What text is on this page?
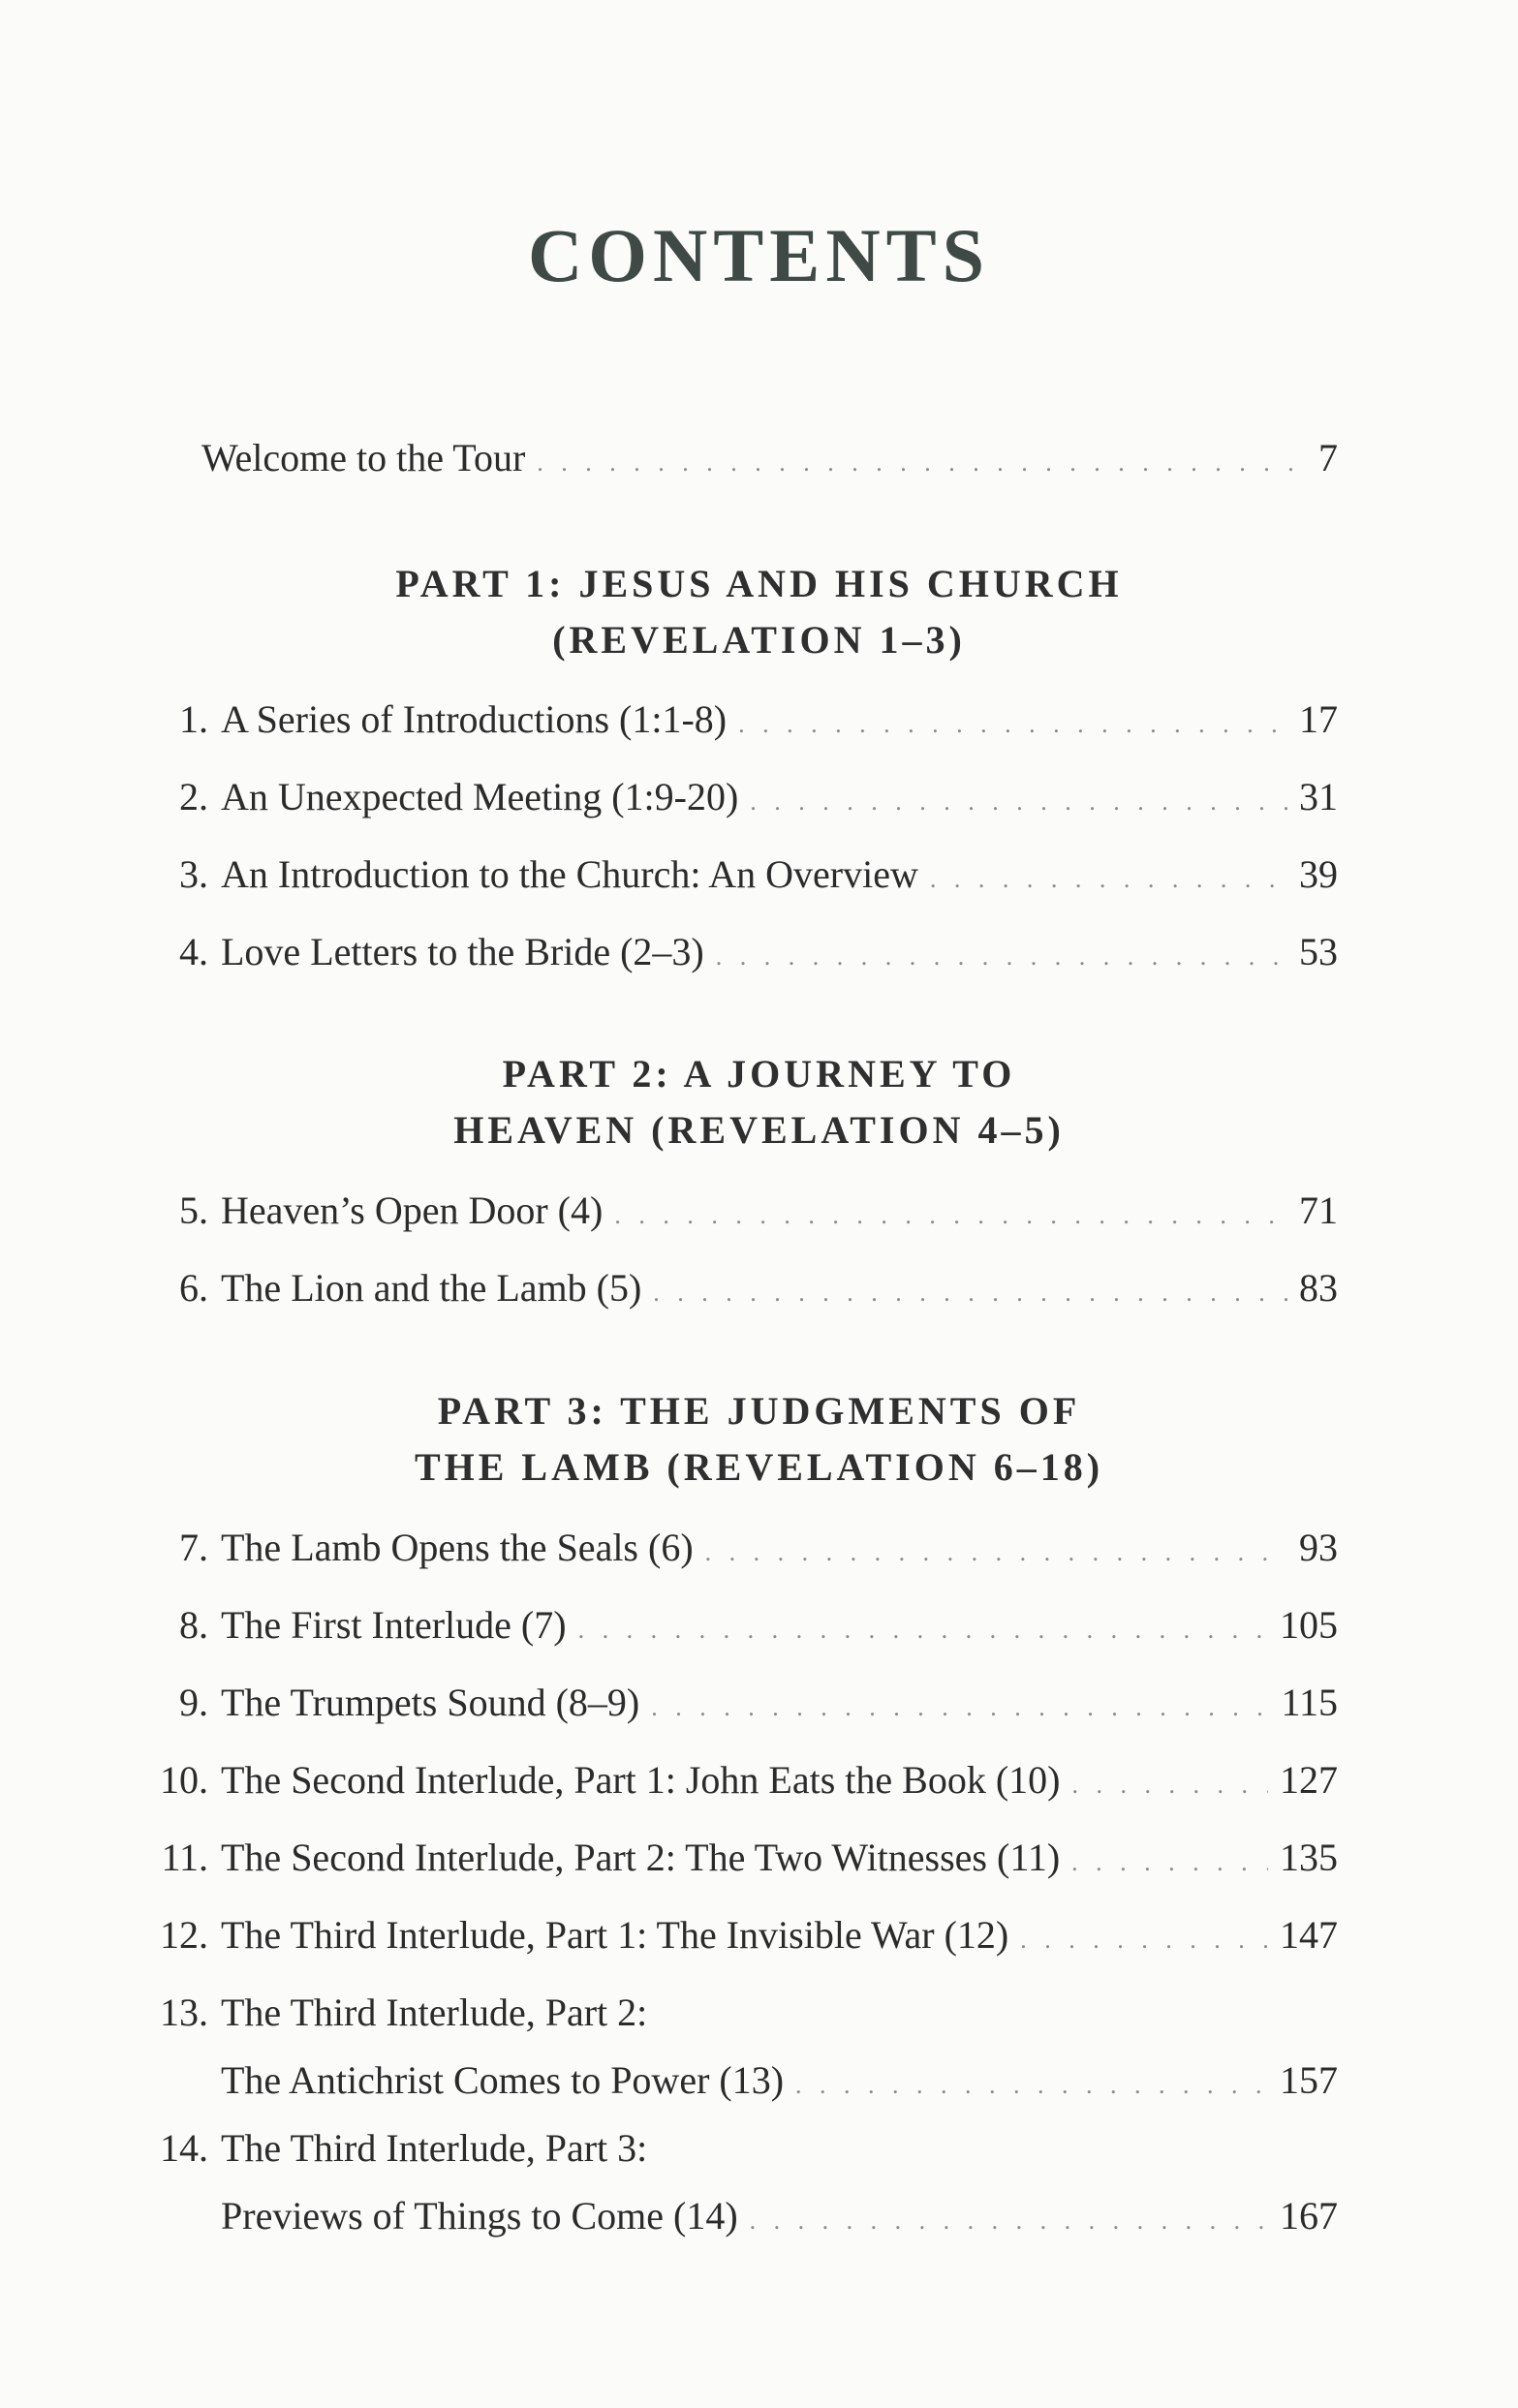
CONTENTS
Welcome to the Tour . . .	7
PART 1: JESUS AND HIS CHURCH
(REVELATION 1–3)
1. A Series of Introductions (1:1-8) . . .	17
2. An Unexpected Meeting (1:9-20) . . .	31
3. An Introduction to the Church: An Overview . . .	39
4. Love Letters to the Bride (2–3) . . .	53
PART 2: A JOURNEY TO
HEAVEN (REVELATION 4–5)
5. Heaven’s Open Door (4) . . .	71
6. The Lion and the Lamb (5) . . .	83
PART 3: THE JUDGMENTS OF
THE LAMB (REVELATION 6–18)
7. The Lamb Opens the Seals (6) . . .	93
8. The First Interlude (7) . . .	105
9. The Trumpets Sound (8–9) . . .	115
10. The Second Interlude, Part 1: John Eats the Book (10) . . .	127
11. The Second Interlude, Part 2: The Two Witnesses (11) . . .	135
12. The Third Interlude, Part 1: The Invisible War (12) . . .	147
13. The Third Interlude, Part 2:
The Antichrist Comes to Power (13) . . .	157
14. The Third Interlude, Part 3:
Previews of Things to Come (14) . . .	167
